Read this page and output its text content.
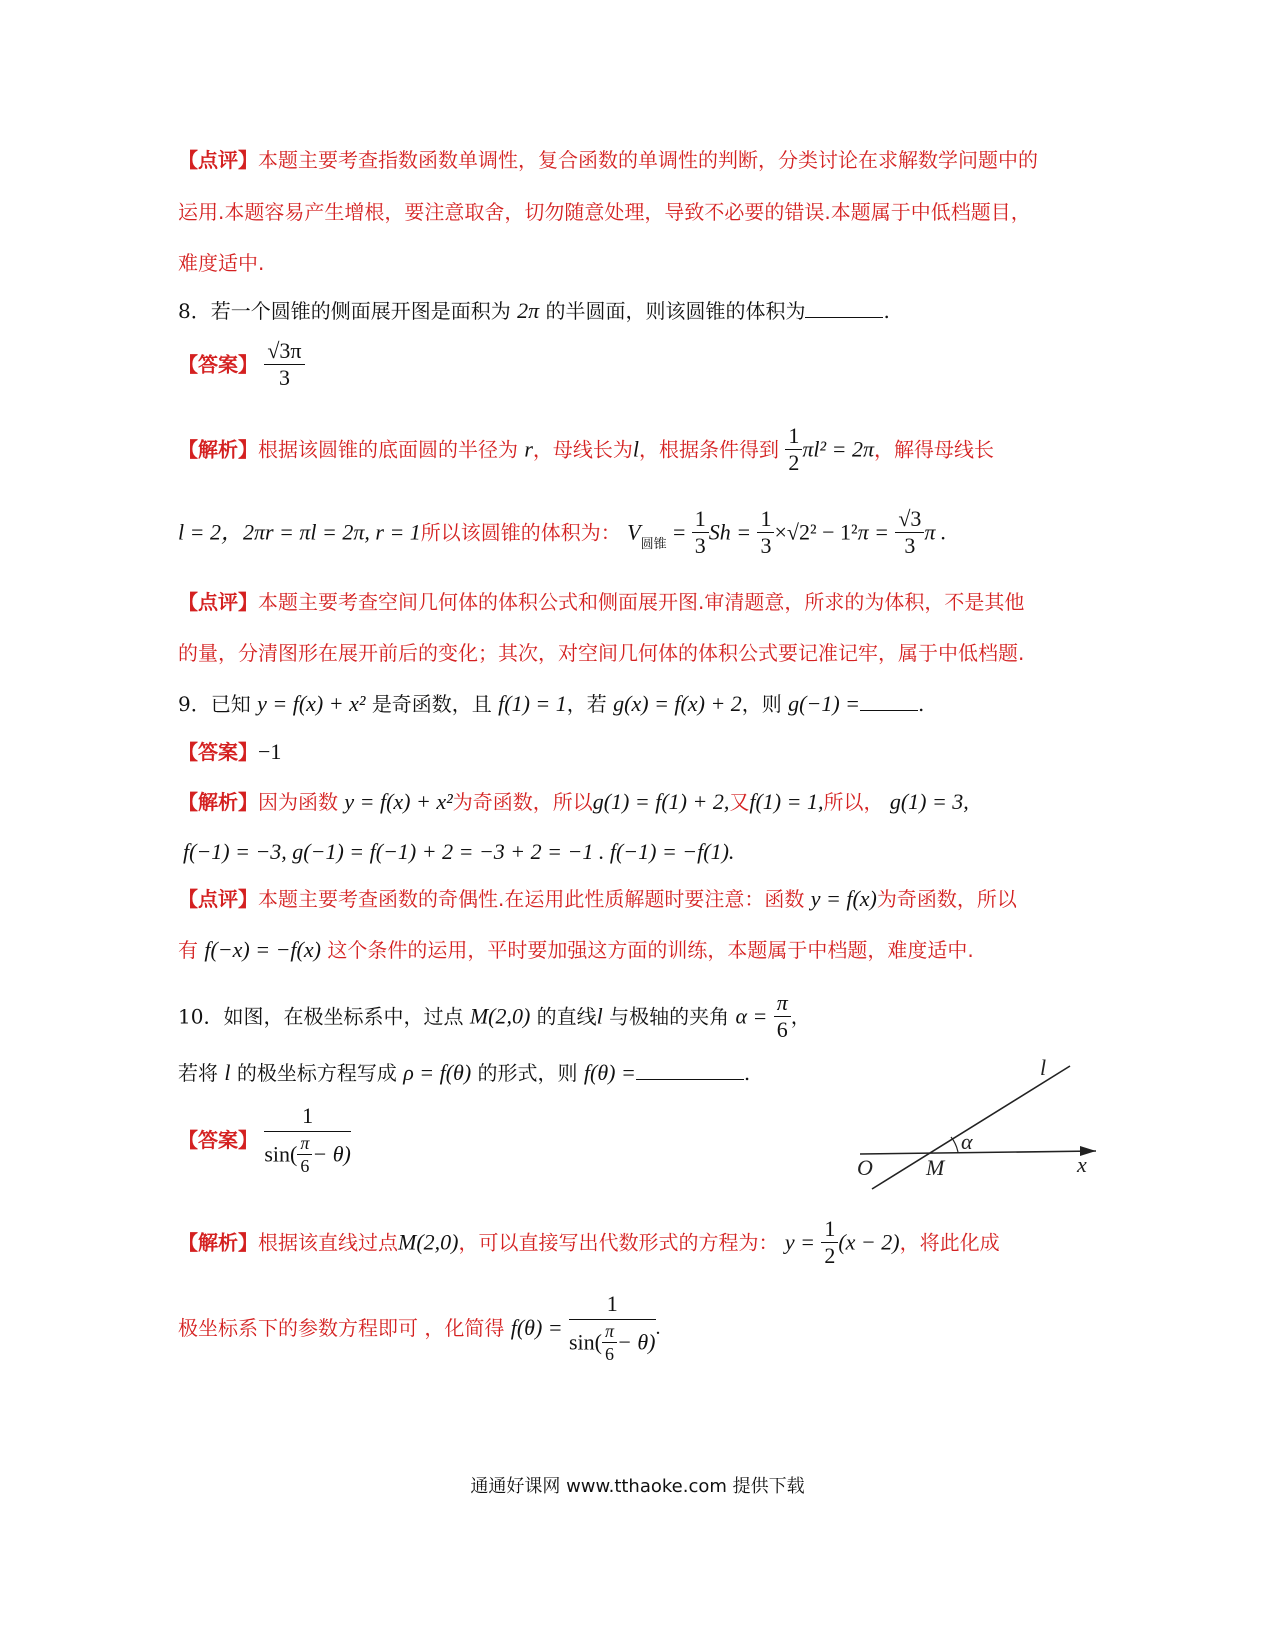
【点评】本题主要考查指数函数单调性，复合函数的单调性的判断，分类讨论在求解数学问题中的
运用.本题容易产生增根，要注意取舍，切勿随意处理，导致不必要的错误.本题属于中低档题目，
难度适中.
8．若一个圆锥的侧面展开图是面积为 2π 的半圆面，则该圆锥的体积为	.
【答案】 $\frac{√3\pi}{3}$
【解析】根据该圆锥的底面圆的半径为 r，母线长为l，根据条件得到 $\frac{1}{2} \pi l^2 = 2\pi$，解得母线长
l = 2，2πr = πl = 2π, r = 1所以该圆锥的体积为： $V_{圆锥} = \frac{1}{3}$ $Sh = \frac{1}{3} \times√2^2 - 1^2\pi = \frac{√3}{3}$ π .
【点评】本题主要考查空间几何体的体积公式和侧面展开图.审清题意，所求的为体积，不是其他
的量，分清图形在展开前后的变化；其次，对空间几何体的体积公式要记准记牢，属于中低档题.
9．已知 y = f(x) + x² 是奇函数，且 f(1) = 1，若 g(x) = f(x) + 2，则 g(−1) =	.
【答案】−1
【解析】因为函数 y = f(x) + x²为奇函数，所以g(1) = f(1) + 2,又f(1) = 1,所以， g(1) = 3,
f(−1) = −3, g(−1) = f(−1) + 2 = −3 + 2 = −1 . f(−1) = −f(1).
【点评】本题主要考查函数的奇偶性.在运用此性质解题时要注意：函数 y = f(x)为奇函数，所以
有 f(−x) = −f(x) 这个条件的运用，平时要加强这方面的训练，本题属于中档题，难度适中.
10．如图，在极坐标系中，过点 M(2,0) 的直线l 与极轴的夹角 $\alpha = \frac{\pi}{6}$ ，
若将 l 的极坐标方程写成 ρ = f(θ) 的形式，则 f(θ) =	.
【答案】 $\frac{1}{\sin( \frac{\pi}{6} - \theta)}$
l
α
O M	x
【解析】根据该直线过点M(2,0)，可以直接写出代数形式的方程为： $y = \frac{1}{2} (x - 2)$，将此化成
极坐标系下的参数方程即可 ，化简得 $f(\theta) = \frac{1}{\sin( \frac{\pi}{6} - \theta)}$ .
通通好课网 www.tthaoke.com 提供下载
